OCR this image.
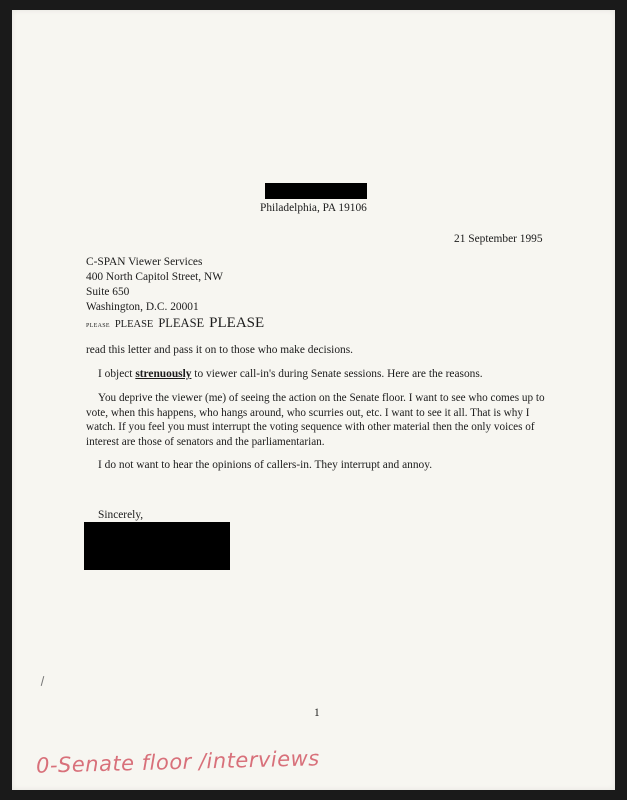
Philadelphia, PA 19106
21 September 1995
C-SPAN Viewer Services
400 North Capitol Street, NW
Suite 650
Washington, D.C. 20001
PLEASE PLEASE PLEASE PLEASE
read this letter and pass it on to those who make decisions.
I object strenuously to viewer call-in's during Senate sessions. Here are the reasons.
You deprive the viewer (me) of seeing the action on the Senate floor. I want to see who comes up to vote, when this happens, who hangs around, who scurries out, etc. I want to see it all. That is why I watch. If you feel you must interrupt the voting sequence with other material then the only voices of interest are those of senators and the parliamentarian.
I do not want to hear the opinions of callers-in. They interrupt and annoy.
Sincerely,
1
0-Senate floor /interviews
